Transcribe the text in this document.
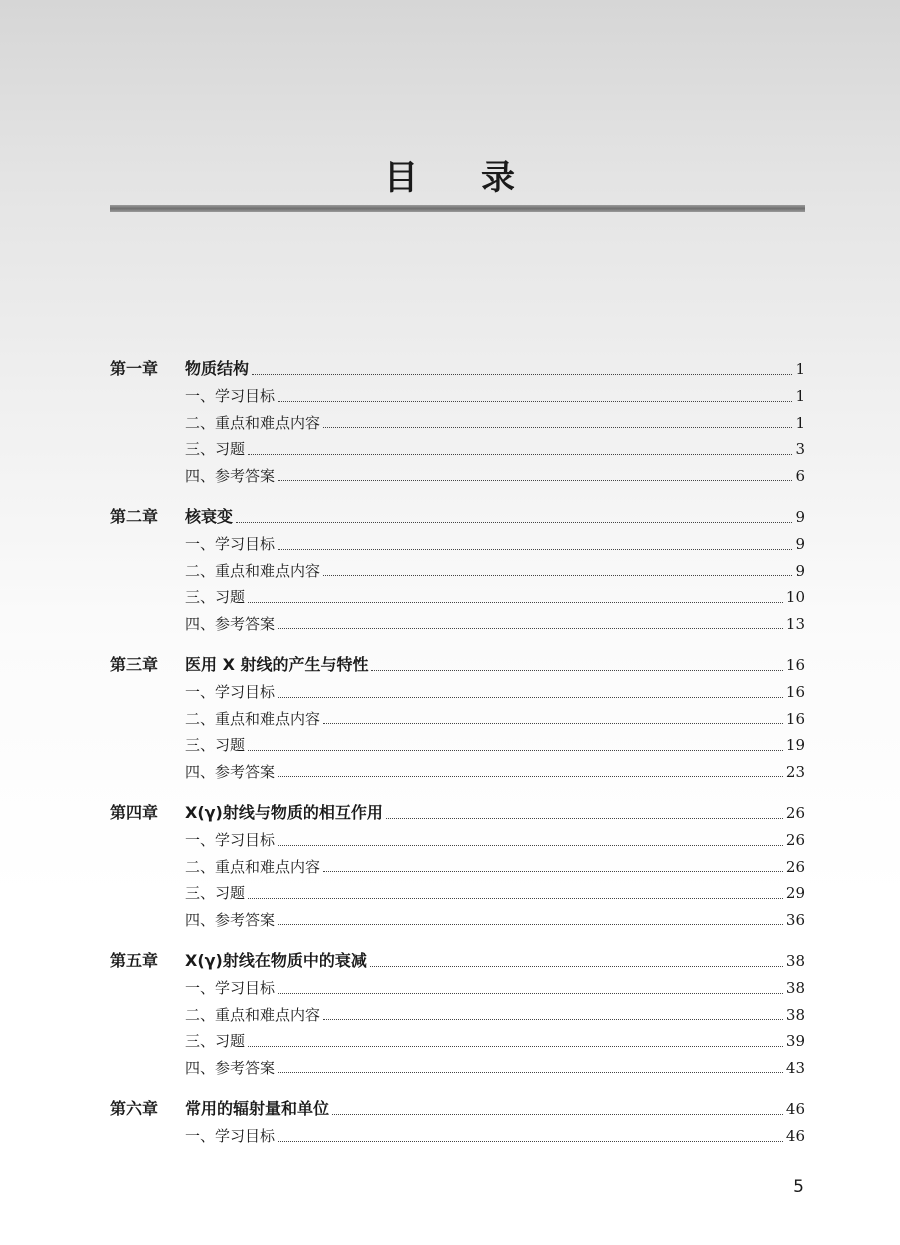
目 录
第一章	物质结构	1
一、学习目标	1
二、重点和难点内容	1
三、习题	3
四、参考答案	6
第二章	核衰变	9
一、学习目标	9
二、重点和难点内容	9
三、习题	10
四、参考答案	13
第三章	医用 X 射线的产生与特性	16
一、学习目标	16
二、重点和难点内容	16
三、习题	19
四、参考答案	23
第四章	X(γ)射线与物质的相互作用	26
一、学习目标	26
二、重点和难点内容	26
三、习题	29
四、参考答案	36
第五章	X(γ)射线在物质中的衰减	38
一、学习目标	38
二、重点和难点内容	38
三、习题	39
四、参考答案	43
第六章	常用的辐射量和单位	46
一、学习目标	46
5
